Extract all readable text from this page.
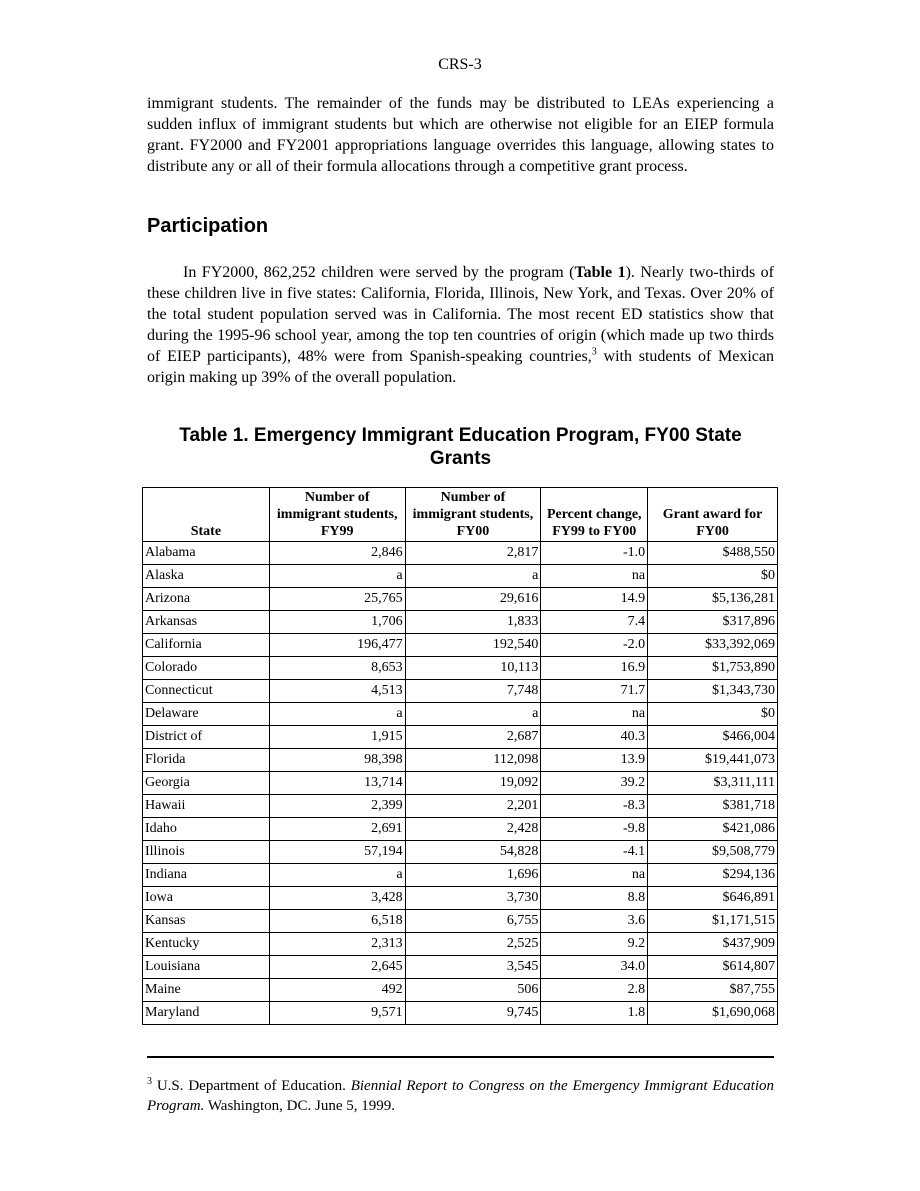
CRS-3

immigrant students. The remainder of the funds may be distributed to LEAs experiencing a sudden influx of immigrant students but which are otherwise not eligible for an EIEP formula grant. FY2000 and FY2001 appropriations language overrides this language, allowing states to distribute any or all of their formula allocations through a competitive grant process.

Participation

In FY2000, 862,252 children were served by the program (Table 1). Nearly two-thirds of these children live in five states: California, Florida, Illinois, New York, and Texas. Over 20% of the total student population served was in California. The most recent ED statistics show that during the 1995-96 school year, among the top ten countries of origin (which made up two thirds of EIEP participants), 48% were from Spanish-speaking countries,$^3$ with students of Mexican origin making up 39% of the overall population.

Table 1. Emergency Immigrant Education Program, FY00 State Grants
State	Number of immigrant students, FY99	Number of immigrant students, FY00	Percent change, FY99 to FY00	Grant award for FY00
Alabama	2,846	2,817	-1.0	$488,550
Alaska	a	a	na	$0
Arizona	25,765	29,616	14.9	$5,136,281
Arkansas	1,706	1,833	7.4	$317,896
California	196,477	192,540	-2.0	$33,392,069
Colorado	8,653	10,113	16.9	$1,753,890
Connecticut	4,513	7,748	71.7	$1,343,730
Delaware	a	a	na	$0
District of	1,915	2,687	40.3	$466,004
Florida	98,398	112,098	13.9	$19,441,073
Georgia	13,714	19,092	39.2	$3,311,111
Hawaii	2,399	2,201	-8.3	$381,718
Idaho	2,691	2,428	-9.8	$421,086
Illinois	57,194	54,828	-4.1	$9,508,779
Indiana	a	1,696	na	$294,136
Iowa	3,428	3,730	8.8	$646,891
Kansas	6,518	6,755	3.6	$1,171,515
Kentucky	2,313	2,525	9.2	$437,909
Louisiana	2,645	3,545	34.0	$614,807
Maine	492	506	2.8	$87,755
Maryland	9,571	9,745	1.8	$1,690,068

$^3$ U.S. Department of Education. Biennial Report to Congress on the Emergency Immigrant Education Program. Washington, DC. June 5, 1999.
